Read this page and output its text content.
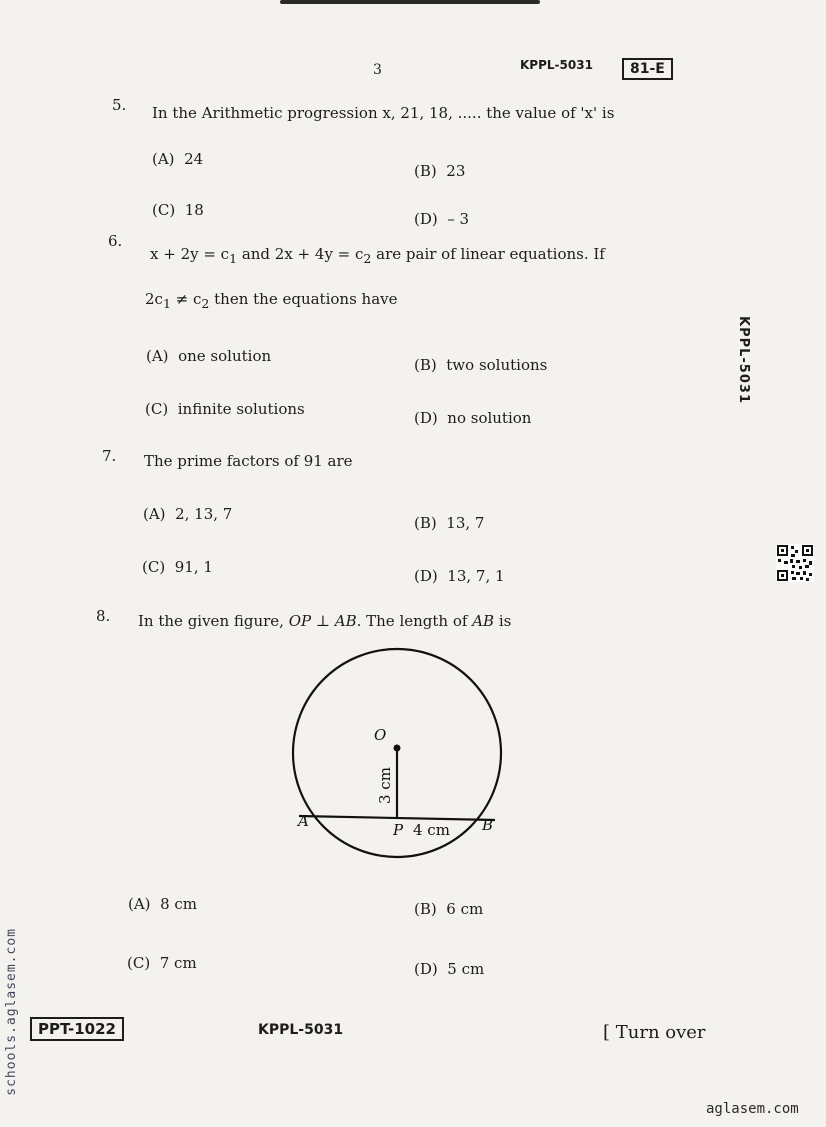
3	KPPL-5031	81-E
5. In the Arithmetic progression x, 21, 18, ..... the value of 'x' is
(A) 24
(B) 23
(C) 18	(D) – 3
6.
$x + 2y = c_1$ and $2x + 4y = c_2$ are pair of linear equations. If
$2c_1 \ne c_2$ then the equations have
(A) one solution	(B) two solutions
(C) infinite solutions	(D) no solution
KPPL-5031
7. The prime factors of 91 are
(A) 2, 13, 7	(B) 13, 7
(C) 91, 1	(D) 13, 7, 1
8. In the given figure, OP ⊥ AB. The length of AB is
O
A	B
P 4 cm
3 cm
(A) 8 cm	(B) 6 cm
(C) 7 cm	(D) 5 cm
PPT-1022	KPPL-5031	[ Turn over
schools.aglasem.com
aglasem.com
